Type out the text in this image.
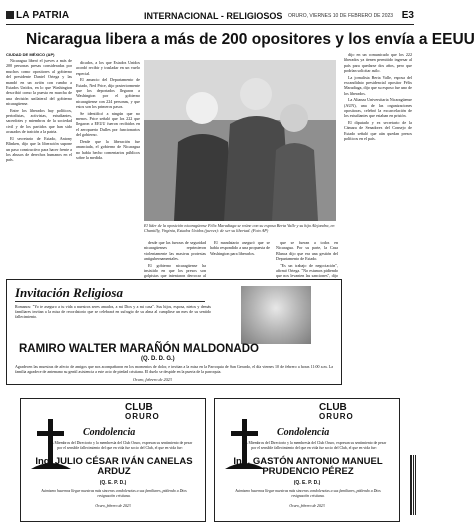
LA PATRIA	INTERNACIONAL - RELIGIOSOS ORURO, VIERNES 10 DE FEBRERO DE 2023 E3
Nicaragua libera a más de 200 opositores y los envía a EEUU

CIUDAD DE MÉXICO (AP)

Nicaragua liberó el jueves a más de 200 personas presas consideradas por muchos como opositores al gobierno del presidente Daniel Ortega y las mandó en un avión con rumbo a Estados Unidos, en lo que Washington describió como la puesta en marcha de una decisión unilateral del gobierno nicaragüense.

Entre los liberados hay políticos, periodistas, activistas, estudiantes, sacerdotes y miembros de la sociedad civil y de los partidos que han sido acusados de traición a la patria.

El secretario de Estado, Antony Blinken, dijo que la liberación supone un paso constructivo para hacer frente a los abusos de derechos humanos en el país.

dicados, a los que Estados Unidos acordó recibir y trasladar en un vuelo especial.

El anuncio del Departamento de Estado, Ned Price, dijo posteriormente que los deportados llegaron a Washington por el gobierno nicaragüense con 224 personas, y que estos son los primeros pasos.

Se identificó a ningún que no menos. Price señaló que los 222 que llegaron a EEUU fueron recibidos en el aeropuerto Dulles por funcionarios del gobierno.

Desde que la liberación fue anunciada, el gobierno de Nicaragua no había hecho comentarios públicos sobre la medida.

El líder de la oposición nicaragüense Félix Maradiaga se reúne con su esposa Berta Valle y su hija Alejandra, en Chantilly, Virginia, Estados Unidos (jueves): de ser su libertad. (Foto AP)

desde que las fuerzas de seguridad nicaragüenses reprimieron violentamente las masivas protestas antigubernamentales.

El gobierno nicaragüense ha insistido en que los presos son golpistas que intentaron derrocar al

El mandatario aseguró que se había respondido a una propuesta de Washington para liberarlos.

que se fueran a todos en Nicaragua. Por su parte, la Casa Blanca dijo que era una gestión del Departamento de Estado.

"Es un trabajo de negociación", afirmó Ortega. "No estamos pidiendo que nos levanten las sanciones", dijo

dijo en un comunicado que los 222 liberados ya tienen permitido ingresar al país para quedarse dos años, pero que podrían solicitar asilo.

La jornalista Berta Valle, esposa del excandidato presidencial opositor Félix Maradiaga, dijo que su esposo fue uno de los liberados.

La Alianza Universitaria Nicaragüense (AUN), una de las organizaciones opositoras, celebró la excarcelación de los estudiantes que estaban en prisión.

El diputado y ex secretario de la Cámara de Senadores del Consejo de Estado señaló que aún quedan presos políticos en el país.

Invitación Religiosa
Romanos: "Yo te aseguro a tu vida a nuestros seres amados, a mi Dios y a mi casa". Sus hijos, esposa, nietos y demás familiares invitan a la misa de recordatorio que se celebrará en sufragio de su alma al cumplirse un mes de su sentido fallecimiento.
RAMIRO WALTER MARAÑÓN MALDONADO
(Q. D. D. G.)
Agradecen las muestras de afecto de amigos que nos acompañaron en los momentos de dolor, e invitan a la misa en la Parroquia de San Gerardo, el día viernes 10 de febrero a horas 11:00 a.m. La familia agradece de antemano su gentil asistencia a este acto de piedad cristiana. El duelo se despide en la puerta de la parroquia.
Oruro, febrero de 2023
CLUB
ORURO
Condolencia
Los Miembros del Directorio y la membresía del Club Oruro, expresan su sentimiento de pesar por el sensible fallecimiento del que en vida fue socio del Club, el que en vida fue:
Ing. JULIO CÉSAR IVÁN CANELAS ARDUZ
(Q. E. P. D.)
Asimismo hacemos llegar nuestras más sinceras condolencias a sus familiares, pidiendo a Dios resignación cristiana.
Oruro, febrero de 2023
CLUB
ORURO
Condolencia
Los Miembros del Directorio y la membresía del Club Oruro, expresan su sentimiento de pesar por el sensible fallecimiento del que en vida fue socio del Club, el que en vida fue:
Ing. GASTÓN ANTONIO MANUEL PRUDENCIO PÉREZ
(Q. E. P. D.)
Asimismo hacemos llegar nuestras más sinceras condolencias a sus familiares, pidiendo a Dios resignación cristiana.
Oruro, febrero de 2023
